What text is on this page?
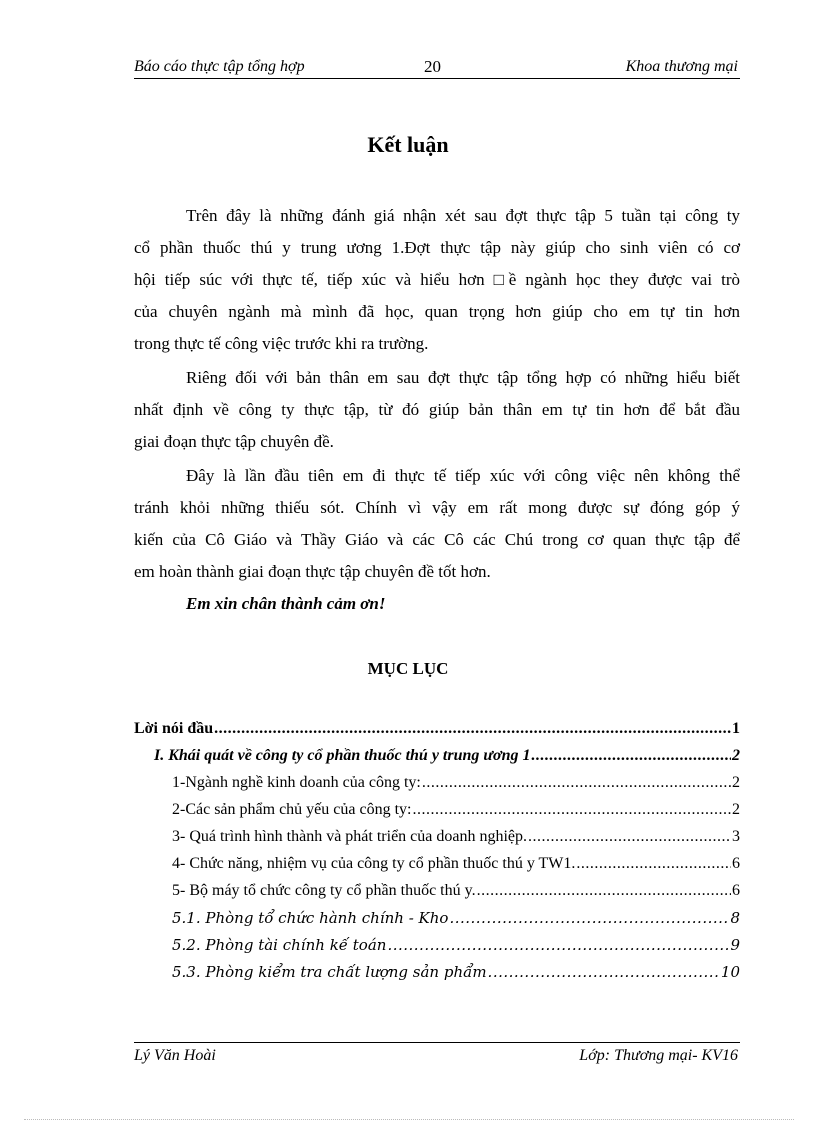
Báo cáo thực tập tổng hợp	20	Khoa thương mại
Kết luận

Trên đây là những đánh giá nhận xét sau đợt thực tập 5 tuần tại công ty
cổ phần thuốc thú y trung ương 1.Đợt thực tập này giúp cho sinh viên có cơ
hội tiếp súc với thực tế, tiếp xúc và hiểu hơn □ề ngành học they được vai trò
của chuyên ngành mà mình đã học, quan trọng hơn giúp cho em tự tin hơn
trong thực tế công việc trước khi ra trường.

Riêng đối với bản thân em sau đợt thực tập tổng hợp có những hiểu biết
nhất định về công ty thực tập, từ đó giúp bản thân em tự tin hơn để bắt đầu
giai đoạn thực tập chuyên đề.

Đây là lần đầu tiên em đi thực tế tiếp xúc với công việc nên không thể
tránh khỏi những thiếu sót. Chính vì vậy em rất mong được sự đóng góp ý
kiến của Cô Giáo và Thầy Giáo và các Cô các Chú trong cơ quan thực tập để
em hoàn thành giai đoạn thực tập chuyên đề tốt hơn.

Em xin chân thành cảm ơn!
MỤC LỤC
Lời nói đầu .....	1
I. Khái quát về công ty cổ phần thuốc thú y trung ương 1 .....	2
1-Ngành nghề kinh doanh của công ty: .....	2
2-Các sản phẩm chủ yếu của công ty: .....	2
3- Quá trình hình thành và phát triển của doanh nghiệp. .....	3
4- Chức năng, nhiệm vụ của công ty cổ phần thuốc thú y TW1. .....	6
5- Bộ máy tổ chức công ty cổ phần thuốc thú y. .....	6
5.1. Phòng tổ chức hành chính - Kho .....	8
5.2. Phòng tài chính kế toán .....	9
5.3. Phòng kiểm tra chất lượng sản phẩm .....	10
Lý Văn Hoài	Lớp: Thương mại- KV16
